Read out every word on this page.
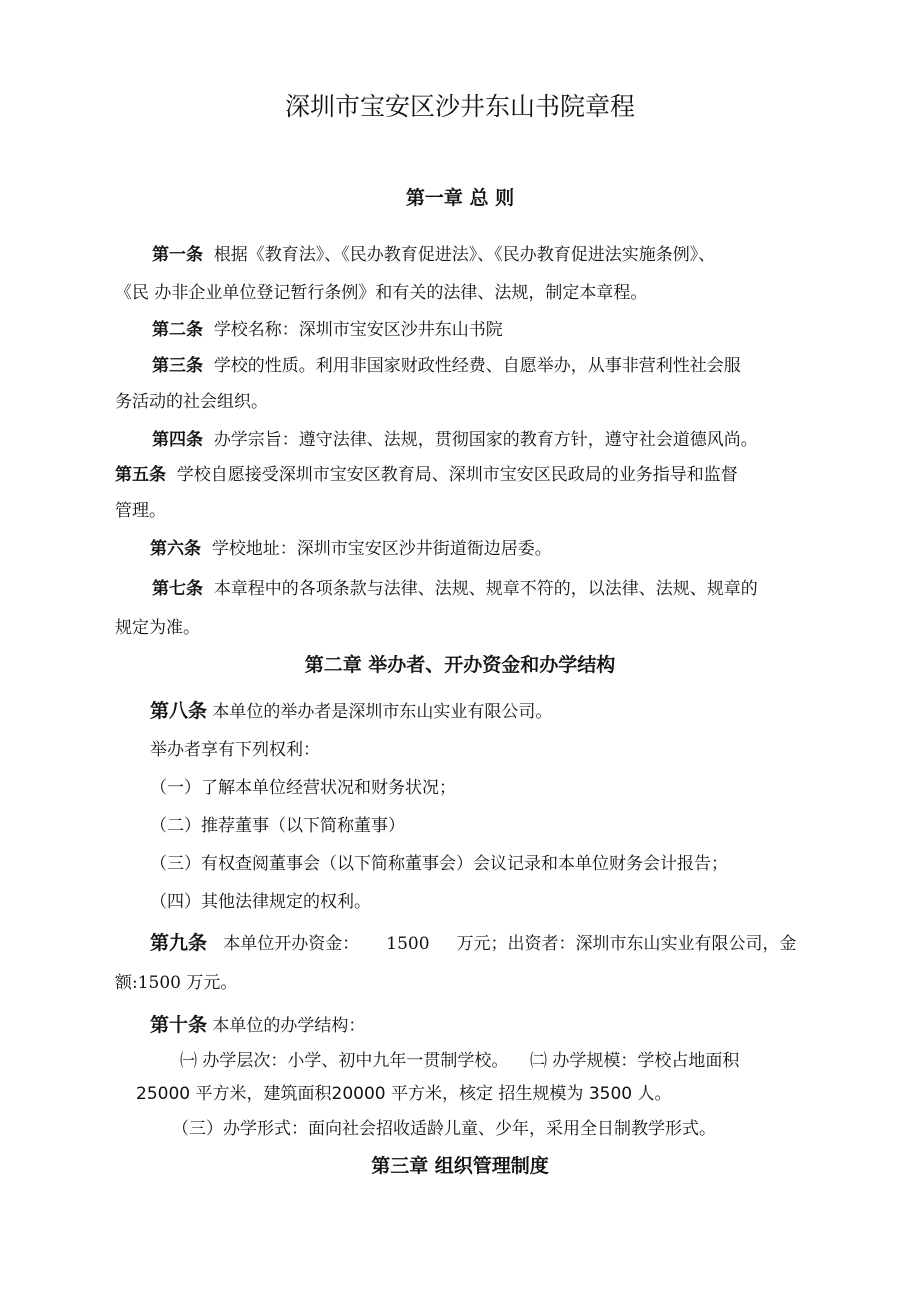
深圳市宝安区沙井东山书院章程
第一章 总 则
第一条 根据《教育法》、《民办教育促进法》、《民办教育促进法实施条例》、
《民 办非企业单位登记暂行条例》和有关的法律、法规，制定本章程。
第二条 学校名称：深圳市宝安区沙井东山书院
第三条 学校的性质。利用非国家财政性经费、自愿举办，从事非营利性社会服
务活动的社会组织。
第四条 办学宗旨：遵守法律、法规，贯彻国家的教育方针，遵守社会道德风尚。
第五条 学校自愿接受深圳市宝安区教育局、深圳市宝安区民政局的业务指导和监督
管理。
第六条 学校地址：深圳市宝安区沙井街道衙边居委。
第七条 本章程中的各项条款与法律、法规、规章不符的，以法律、法规、规章的
规定为准。
第二章 举办者、开办资金和办学结构
第八条 本单位的举办者是深圳市东山实业有限公司。
举办者享有下列权利：
（一）了解本单位经营状况和财务状况；
（二）推荐董事（以下简称董事）
（三）有权查阅董事会（以下简称董事会）会议记录和本单位财务会计报告；
（四）其他法律规定的权利。
第九条 本单位开办资金： 1500 万元；出资者：深圳市东山实业有限公司，金
额:1500 万元。
第十条 本单位的办学结构：
㈠ 办学层次：小学、初中九年一贯制学校。 ㈡ 办学规模：学校占地面积
25000 平方米，建筑面积20000 平方米，核定 招生规模为 3500 人。
（三）办学形式：面向社会招收适龄儿童、少年，采用全日制教学形式。
第三章 组织管理制度
